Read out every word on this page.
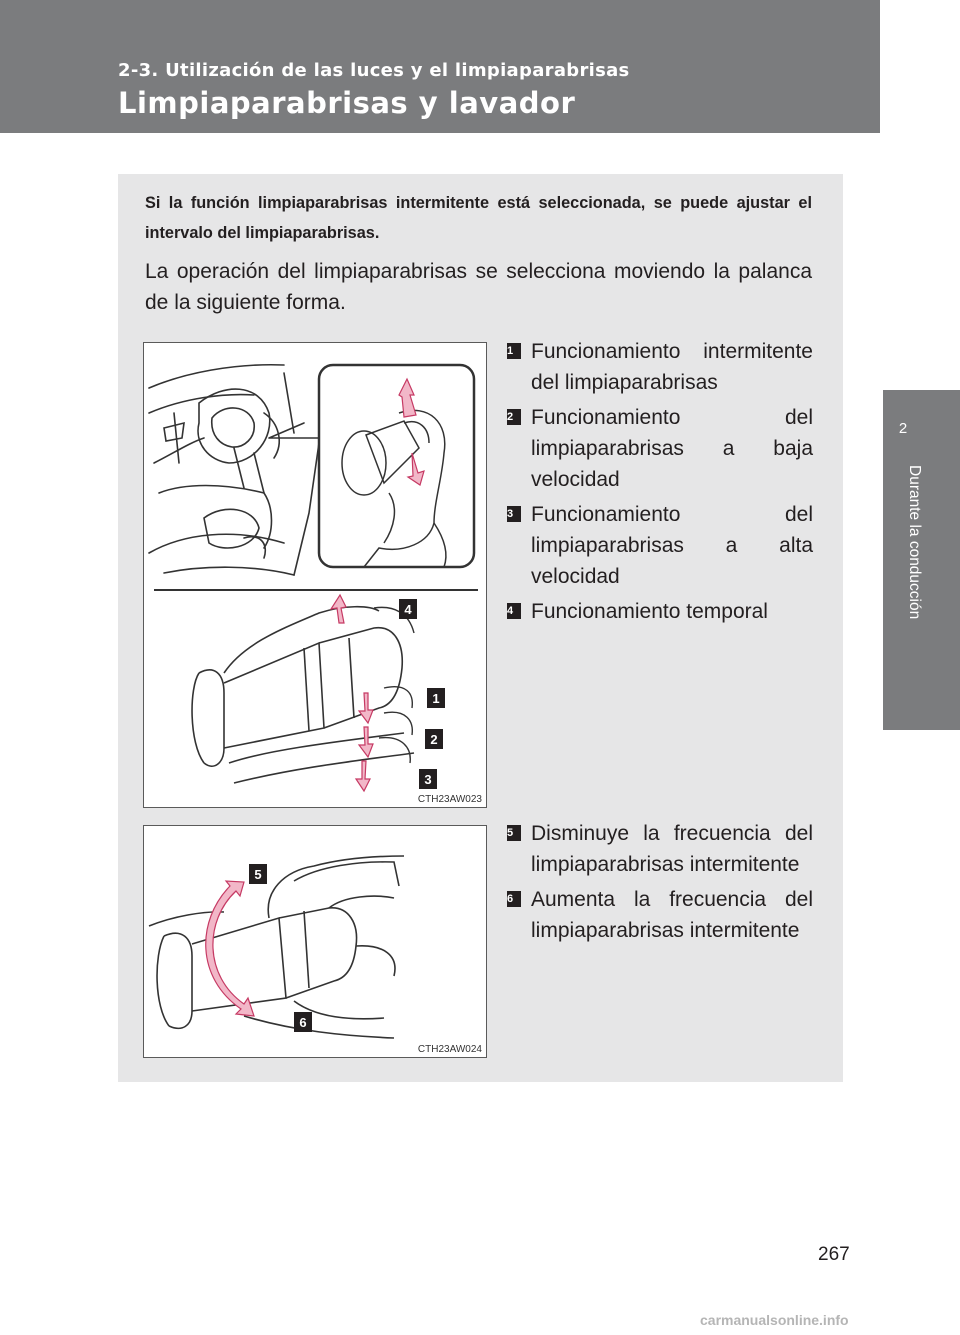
2-3. Utilización de las luces y el limpiaparabrisas
Limpiaparabrisas y lavador
2
Durante la conducción
Si la función limpiaparabrisas intermitente está seleccionada, se puede ajustar el intervalo del limpiaparabrisas.
La operación del limpiaparabrisas se selecciona moviendo la palanca de la siguiente forma.
4
1
2
3
CTH23AW023
5
6
CTH23AW024
1 Funcionamiento intermitente del limpiaparabrisas
2 Funcionamiento del limpiaparabrisas a baja velocidad
3 Funcionamiento del limpiaparabrisas a alta velocidad
4 Funcionamiento temporal
5 Disminuye la frecuencia del limpiaparabrisas intermitente
6 Aumenta la frecuencia del limpiaparabrisas intermitente
267
carmanualsonline.info
